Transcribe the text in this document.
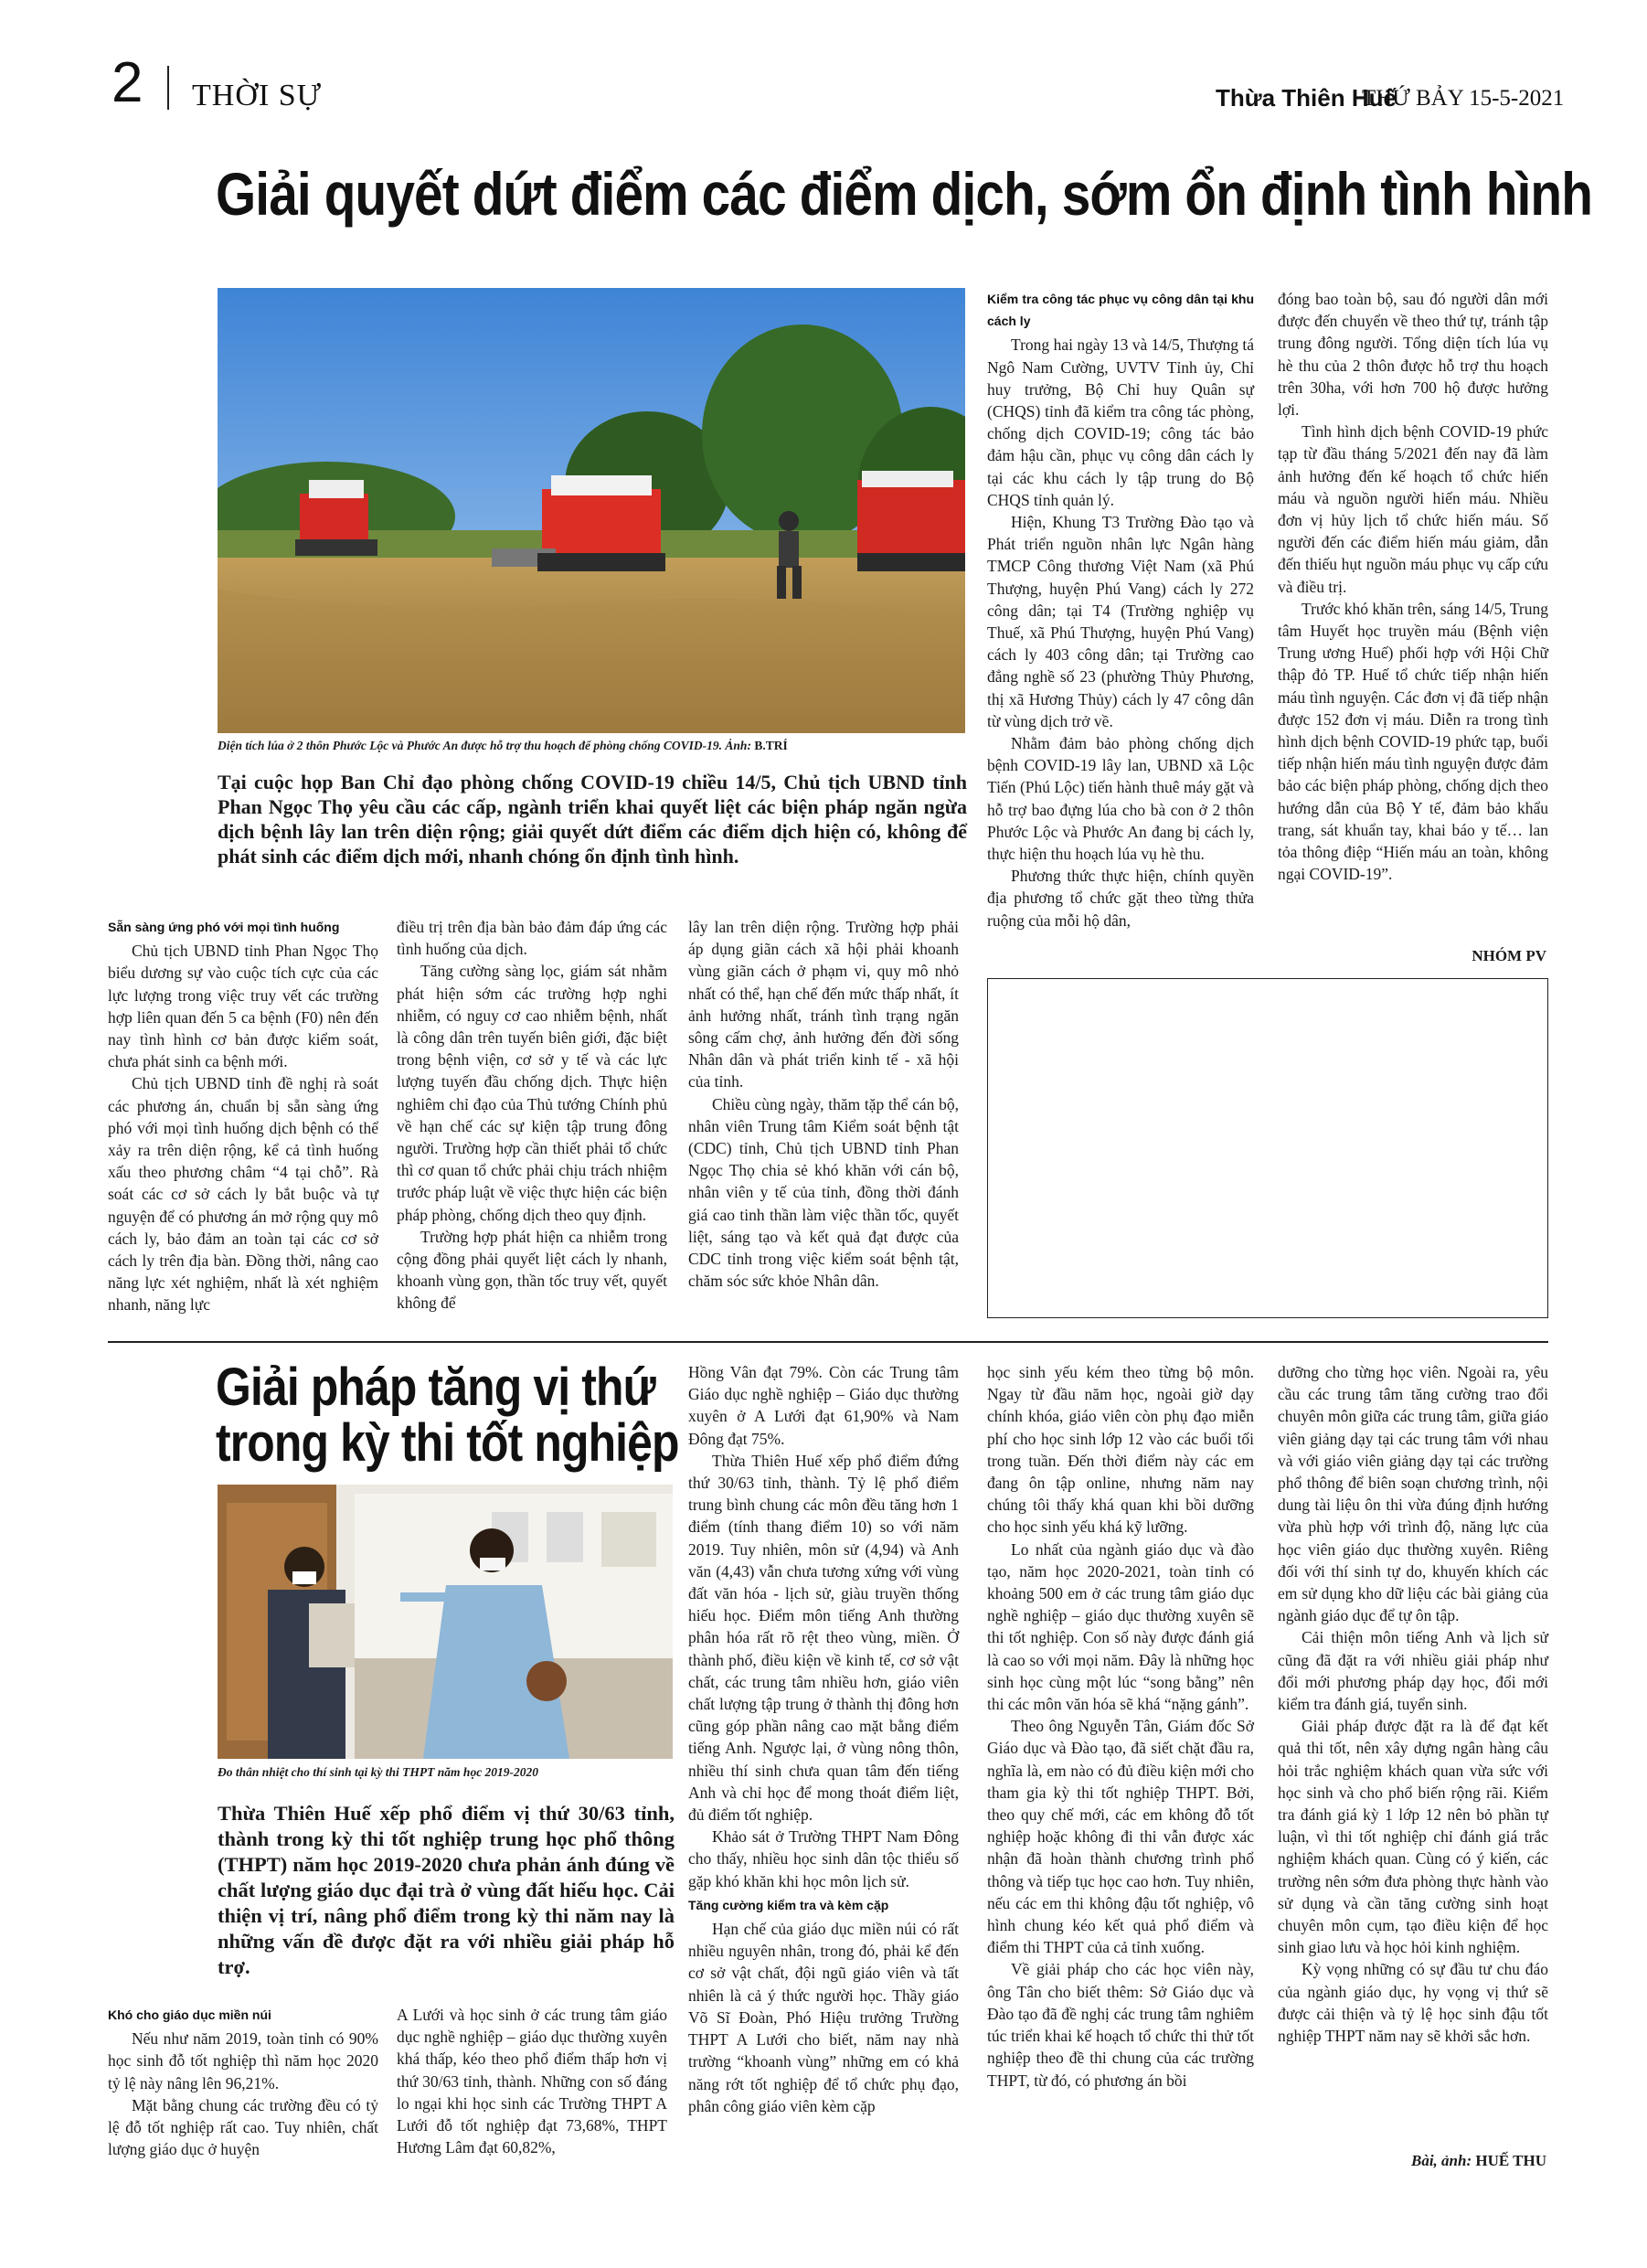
2 THỜI SỰ	Thừa Thiên Huế
THỨ BẢY 15-5-2021
Giải quyết dứt điểm các điểm dịch, sớm ổn định tình hình
Diện tích lúa ở 2 thôn Phước Lộc và Phước An được hỗ trợ thu hoạch để phòng chống COVID-19. Ảnh: B.TRÍ
Tại cuộc họp Ban Chỉ đạo phòng chống COVID-19 chiều 14/5, Chủ tịch UBND tỉnh Phan Ngọc Thọ yêu cầu các cấp, ngành triển khai quyết liệt các biện pháp ngăn ngừa dịch bệnh lây lan trên diện rộng; giải quyết dứt điểm các điểm dịch hiện có, không để phát sinh các điểm dịch mới, nhanh chóng ổn định tình hình.
Sẵn sàng ứng phó với mọi tình huống

Chủ tịch UBND tỉnh Phan Ngọc Thọ biểu dương sự vào cuộc tích cực của các lực lượng trong việc truy vết các trường hợp liên quan đến 5 ca bệnh (F0) nên đến nay tình hình cơ bản được kiểm soát, chưa phát sinh ca bệnh mới.

Chủ tịch UBND tỉnh đề nghị rà soát các phương án, chuẩn bị sẵn sàng ứng phó với mọi tình huống dịch bệnh có thể xảy ra trên diện rộng, kể cả tình huống xấu theo phương châm “4 tại chỗ”. Rà soát các cơ sở cách ly bắt buộc và tự nguyện để có phương án mở rộng quy mô cách ly, bảo đảm an toàn tại các cơ sở cách ly trên địa bàn. Đồng thời, nâng cao năng lực xét nghiệm, nhất là xét nghiệm nhanh, năng lực

điều trị trên địa bàn bảo đảm đáp ứng các tình huống của dịch.

Tăng cường sàng lọc, giám sát nhằm phát hiện sớm các trường hợp nghi nhiễm, có nguy cơ cao nhiễm bệnh, nhất là công dân trên tuyến biên giới, đặc biệt trong bệnh viện, cơ sở y tế và các lực lượng tuyến đầu chống dịch. Thực hiện nghiêm chỉ đạo của Thủ tướng Chính phủ về hạn chế các sự kiện tập trung đông người. Trường hợp cần thiết phải tổ chức thì cơ quan tổ chức phải chịu trách nhiệm trước pháp luật về việc thực hiện các biện pháp phòng, chống dịch theo quy định.

Trường hợp phát hiện ca nhiễm trong cộng đồng phải quyết liệt cách ly nhanh, khoanh vùng gọn, thần tốc truy vết, quyết không để

lây lan trên diện rộng. Trường hợp phải áp dụng giãn cách xã hội phải khoanh vùng giãn cách ở phạm vi, quy mô nhỏ nhất có thể, hạn chế đến mức thấp nhất, ít ảnh hưởng nhất, tránh tình trạng ngăn sông cấm chợ, ảnh hưởng đến đời sống Nhân dân và phát triển kinh tế - xã hội của tỉnh.

Chiều cùng ngày, thăm tặp thể cán bộ, nhân viên Trung tâm Kiểm soát bệnh tật (CDC) tỉnh, Chủ tịch UBND tỉnh Phan Ngọc Thọ chia sẻ khó khăn với cán bộ, nhân viên y tế của tỉnh, đồng thời đánh giá cao tinh thần làm việc thần tốc, quyết liệt, sáng tạo và kết quả đạt được của CDC tỉnh trong việc kiểm soát bệnh tật, chăm sóc sức khỏe Nhân dân.

Kiểm tra công tác phục vụ công dân tại khu cách ly

Trong hai ngày 13 và 14/5, Thượng tá Ngô Nam Cường, UVTV Tỉnh ủy, Chỉ huy trưởng, Bộ Chỉ huy Quân sự (CHQS) tỉnh đã kiểm tra công tác phòng, chống dịch COVID-19; công tác bảo đảm hậu cần, phục vụ công dân cách ly tại các khu cách ly tập trung do Bộ CHQS tỉnh quản lý.

Hiện, Khung T3 Trường Đào tạo và Phát triển nguồn nhân lực Ngân hàng TMCP Công thương Việt Nam (xã Phú Thượng, huyện Phú Vang) cách ly 272 công dân; tại T4 (Trường nghiệp vụ Thuế, xã Phú Thượng, huyện Phú Vang) cách ly 403 công dân; tại Trường cao đẳng nghề số 23 (phường Thủy Phương, thị xã Hương Thủy) cách ly 47 công dân từ vùng dịch trở về.

Nhằm đảm bảo phòng chống dịch bệnh COVID-19 lây lan, UBND xã Lộc Tiến (Phú Lộc) tiến hành thuê máy gặt và hỗ trợ bao đựng lúa cho bà con ở 2 thôn Phước Lộc và Phước An đang bị cách ly, thực hiện thu hoạch lúa vụ hè thu.

Phương thức thực hiện, chính quyền địa phương tổ chức gặt theo từng thửa ruộng của mỗi hộ dân,

đóng bao toàn bộ, sau đó người dân mới được đến chuyển về theo thứ tự, tránh tập trung đông người. Tổng diện tích lúa vụ hè thu của 2 thôn được hỗ trợ thu hoạch trên 30ha, với hơn 700 hộ được hưởng lợi.

Tình hình dịch bệnh COVID-19 phức tạp từ đầu tháng 5/2021 đến nay đã làm ảnh hưởng đến kế hoạch tổ chức hiến máu và nguồn người hiến máu. Nhiều đơn vị hủy lịch tổ chức hiến máu. Số người đến các điểm hiến máu giảm, dẫn đến thiếu hụt nguồn máu phục vụ cấp cứu và điều trị.

Trước khó khăn trên, sáng 14/5, Trung tâm Huyết học truyền máu (Bệnh viện Trung ương Huế) phối hợp với Hội Chữ thập đỏ TP. Huế tổ chức tiếp nhận hiến máu tình nguyện. Các đơn vị đã tiếp nhận được 152 đơn vị máu. Diễn ra trong tình hình dịch bệnh COVID-19 phức tạp, buổi tiếp nhận hiến máu tình nguyện được đảm bảo các biện pháp phòng, chống dịch theo hướng dẫn của Bộ Y tế, đảm bảo khẩu trang, sát khuẩn tay, khai báo y tế… lan tỏa thông điệp “Hiến máu an toàn, không ngại COVID-19”.

NHÓM PV
Giải pháp tăng vị thứ
trong kỳ thi tốt nghiệp
Đo thân nhiệt cho thí sinh tại kỳ thi THPT năm học 2019-2020
Thừa Thiên Huế xếp phổ điểm vị thứ 30/63 tỉnh, thành trong kỳ thi tốt nghiệp trung học phổ thông (THPT) năm học 2019-2020 chưa phản ánh đúng về chất lượng giáo dục đại trà ở vùng đất hiếu học. Cải thiện vị trí, nâng phổ điểm trong kỳ thi năm nay là những vấn đề được đặt ra với nhiều giải pháp hỗ trợ.
Khó cho giáo dục miền núi

Nếu như năm 2019, toàn tỉnh có 90% học sinh đỗ tốt nghiệp thì năm học 2020 tỷ lệ này nâng lên 96,21%.

Mặt bằng chung các trường đều có tỷ lệ đỗ tốt nghiệp rất cao. Tuy nhiên, chất lượng giáo dục ở huyện

A Lưới và học sinh ở các trung tâm giáo dục nghề nghiệp – giáo dục thường xuyên khá thấp, kéo theo phổ điểm thấp hơn vị thứ 30/63 tỉnh, thành. Những con số đáng lo ngại khi học sinh các Trường THPT A Lưới đỗ tốt nghiệp đạt 73,68%, THPT Hương Lâm đạt 60,82%,

Hồng Vân đạt 79%. Còn các Trung tâm Giáo dục nghề nghiệp – Giáo dục thường xuyên ở A Lưới đạt 61,90% và Nam Đông đạt 75%.

Thừa Thiên Huế xếp phổ điểm đứng thứ 30/63 tỉnh, thành. Tỷ lệ phổ điểm trung bình chung các môn đều tăng hơn 1 điểm (tính thang điểm 10) so với năm 2019. Tuy nhiên, môn sử (4,94) và Anh văn (4,43) vẫn chưa tương xứng với vùng đất văn hóa - lịch sử, giàu truyền thống hiếu học. Điểm môn tiếng Anh thường phân hóa rất rõ rệt theo vùng, miền. Ở thành phố, điều kiện về kinh tế, cơ sở vật chất, các trung tâm nhiều hơn, giáo viên chất lượng tập trung ở thành thị đông hơn cũng góp phần nâng cao mặt bằng điểm tiếng Anh. Ngược lại, ở vùng nông thôn, nhiều thí sinh chưa quan tâm đến tiếng Anh và chỉ học để mong thoát điểm liệt, đủ điểm tốt nghiệp.

Khảo sát ở Trường THPT Nam Đông cho thấy, nhiều học sinh dân tộc thiểu số gặp khó khăn khi học môn lịch sử.

Tăng cường kiểm tra và kèm cặp

Hạn chế của giáo dục miền núi có rất nhiều nguyên nhân, trong đó, phải kể đến cơ sở vật chất, đội ngũ giáo viên và tất nhiên là cả ý thức người học. Thầy giáo Võ Sĩ Đoàn, Phó Hiệu trưởng Trường THPT A Lưới cho biết, năm nay nhà trường “khoanh vùng” những em có khả năng rớt tốt nghiệp để tổ chức phụ đạo, phân công giáo viên kèm cặp

học sinh yếu kém theo từng bộ môn. Ngay từ đầu năm học, ngoài giờ dạy chính khóa, giáo viên còn phụ đạo miễn phí cho học sinh lớp 12 vào các buổi tối trong tuần. Đến thời điểm này các em đang ôn tập online, nhưng năm nay chúng tôi thấy khá quan khi bồi dưỡng cho học sinh yếu khá kỹ lưỡng.

Lo nhất của ngành giáo dục và đào tạo, năm học 2020-2021, toàn tỉnh có khoảng 500 em ở các trung tâm giáo dục nghề nghiệp – giáo dục thường xuyên sẽ thi tốt nghiệp. Con số này được đánh giá là cao so với mọi năm. Đây là những học sinh học cùng một lúc “song bằng” nên thi các môn văn hóa sẽ khá “nặng gánh”.

Theo ông Nguyễn Tân, Giám đốc Sở Giáo dục và Đào tạo, đã siết chặt đầu ra, nghĩa là, em nào có đủ điều kiện mới cho tham gia kỳ thi tốt nghiệp THPT. Bởi, theo quy chế mới, các em không đỗ tốt nghiệp hoặc không đi thi vẫn được xác nhận đã hoàn thành chương trình phổ thông và tiếp tục học cao hơn. Tuy nhiên, nếu các em thi không đậu tốt nghiệp, vô hình chung kéo kết quả phổ điểm và điểm thi THPT của cả tỉnh xuống.

Về giải pháp cho các học viên này, ông Tân cho biết thêm: Sở Giáo dục và Đào tạo đã đề nghị các trung tâm nghiêm túc triển khai kế hoạch tổ chức thi thử tốt nghiệp theo đề thi chung của các trường THPT, từ đó, có phương án bồi

dưỡng cho từng học viên. Ngoài ra, yêu cầu các trung tâm tăng cường trao đổi chuyên môn giữa các trung tâm, giữa giáo viên giảng dạy tại các trung tâm với nhau và với giáo viên giảng dạy tại các trường phổ thông để biên soạn chương trình, nội dung tài liệu ôn thi vừa đúng định hướng vừa phù hợp với trình độ, năng lực của học viên giáo dục thường xuyên. Riêng đối với thí sinh tự do, khuyến khích các em sử dụng kho dữ liệu các bài giảng của ngành giáo dục để tự ôn tập.

Cải thiện môn tiếng Anh và lịch sử cũng đã đặt ra với nhiều giải pháp như đổi mới phương pháp dạy học, đổi mới kiểm tra đánh giá, tuyển sinh.

Giải pháp được đặt ra là để đạt kết quả thi tốt, nên xây dựng ngân hàng câu hỏi trắc nghiệm khách quan vừa sức với học sinh và cho phổ biến rộng rãi. Kiểm tra đánh giá kỳ 1 lớp 12 nên bỏ phần tự luận, vì thi tốt nghiệp chỉ đánh giá trắc nghiệm khách quan. Cùng có ý kiến, các trường nên sớm đưa phòng thực hành vào sử dụng và cần tăng cường sinh hoạt chuyên môn cụm, tạo điều kiện để học sinh giao lưu và học hỏi kinh nghiệm.

Kỳ vọng những có sự đầu tư chu đáo của ngành giáo dục, hy vọng vị thứ sẽ được cải thiện và tỷ lệ học sinh đậu tốt nghiệp THPT năm nay sẽ khởi sắc hơn.

Bài, ảnh: HUẾ THU
